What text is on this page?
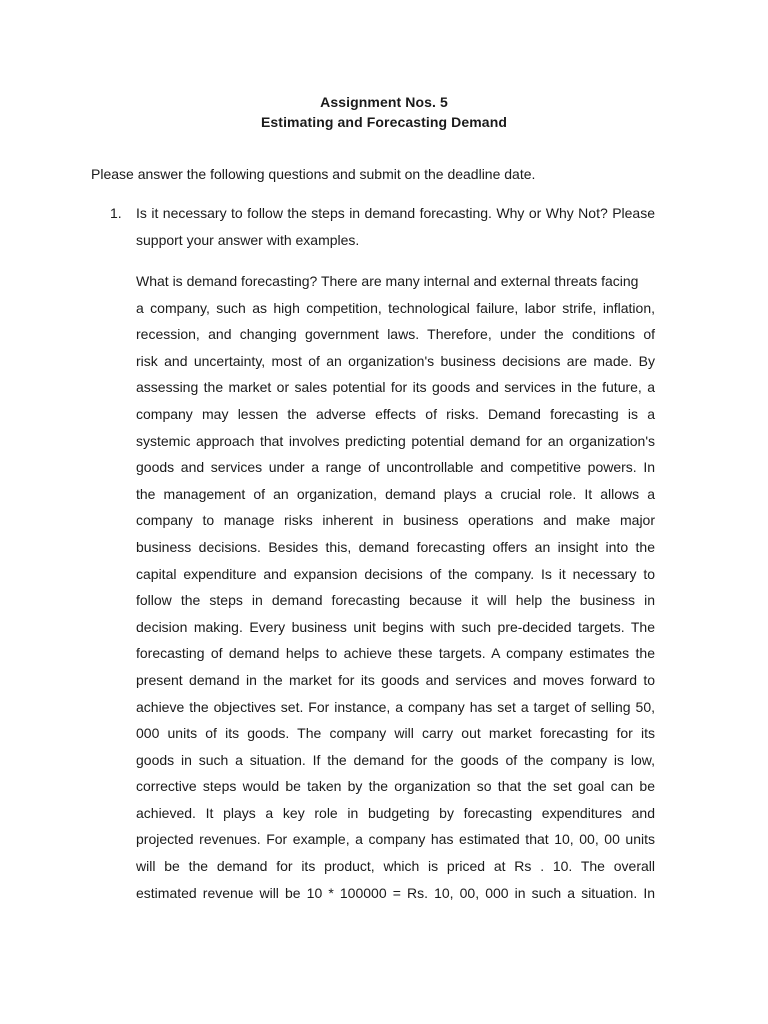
Assignment Nos. 5
Estimating and Forecasting Demand
Please answer the following questions and submit on the deadline date.
1. Is it necessary to follow the steps in demand forecasting. Why or Why Not? Please support your answer with examples.
What is demand forecasting? There are many internal and external threats facing
a company, such as high competition, technological failure, labor strife, inflation,
recession, and changing government laws. Therefore, under the conditions of
risk and uncertainty, most of an organization's business decisions are made. By
assessing the market or sales potential for its goods and services in the future, a
company may lessen the adverse effects of risks. Demand forecasting is a
systemic approach that involves predicting potential demand for an organization's
goods and services under a range of uncontrollable and competitive powers. In
the management of an organization, demand plays a crucial role. It allows a
company to manage risks inherent in business operations and make major
business decisions. Besides this, demand forecasting offers an insight into the
capital expenditure and expansion decisions of the company. Is it necessary to
follow the steps in demand forecasting because it will help the business in
decision making. Every business unit begins with such pre-decided targets. The
forecasting of demand helps to achieve these targets. A company estimates the
present demand in the market for its goods and services and moves forward to
achieve the objectives set. For instance, a company has set a target of selling 50,
000 units of its goods. The company will carry out market forecasting for its
goods in such a situation. If the demand for the goods of the company is low,
corrective steps would be taken by the organization so that the set goal can be
achieved. It plays a key role in budgeting by forecasting expenditures and
projected revenues. For example, a company has estimated that 10, 00, 00 units
will be the demand for its product, which is priced at Rs . 10. The overall
estimated revenue will be 10 * 100000 = Rs. 10, 00, 000 in such a situation. In
